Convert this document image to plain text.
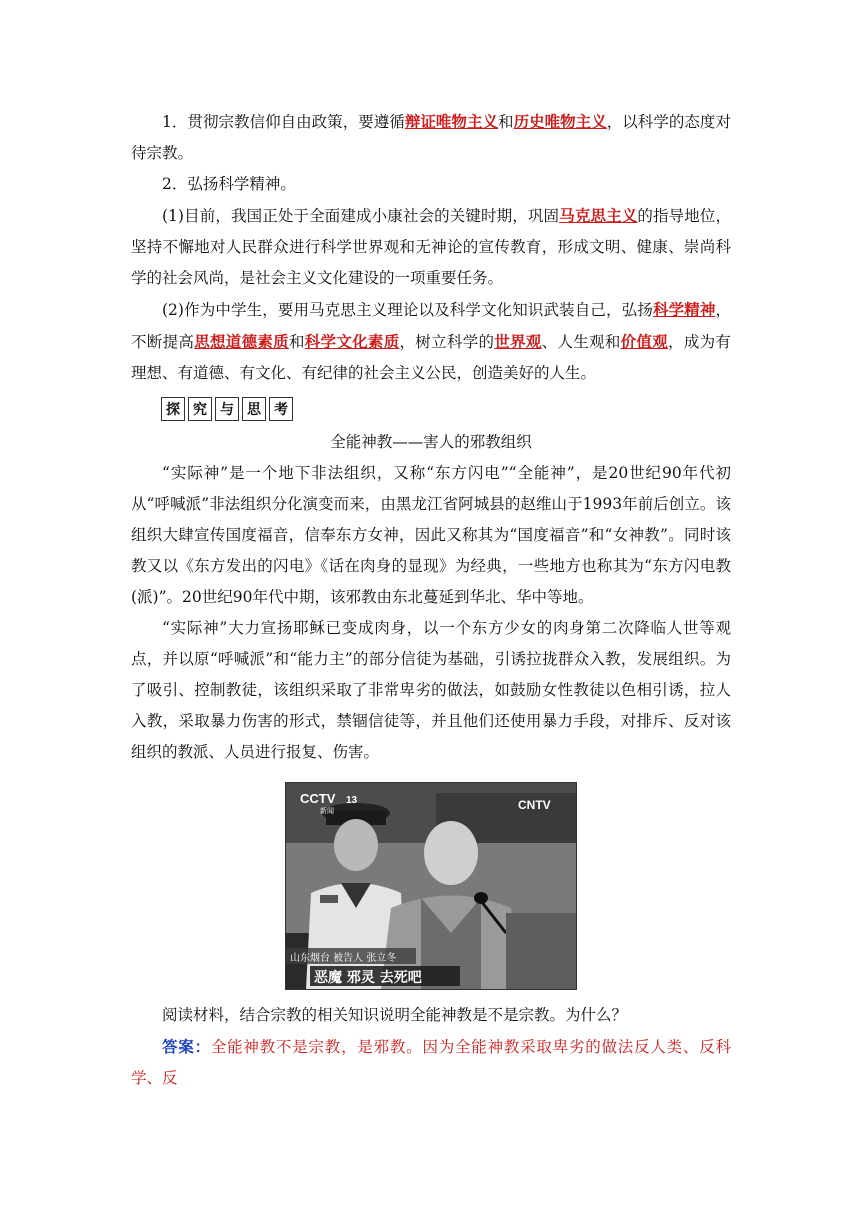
1．贯彻宗教信仰自由政策，要遵循辩证唯物主义和历史唯物主义，以科学的态度对待宗教。

2．弘扬科学精神。

(1)目前，我国正处于全面建成小康社会的关键时期，巩固马克思主义的指导地位，坚持不懈地对人民群众进行科学世界观和无神论的宣传教育，形成文明、健康、崇尚科学的社会风尚，是社会主义文化建设的一项重要任务。

(2)作为中学生，要用马克思主义理论以及科学文化知识武装自己，弘扬科学精神，不断提高思想道德素质和科学文化素质，树立科学的世界观、人生观和价值观，成为有理想、有道德、有文化、有纪律的社会主义公民，创造美好的人生。

探 究 与 思 考

全能神教——害人的邪教组织

“实际神”是一个地下非法组织，又称“东方闪电”“全能神”，是20世纪90年代初从“呼喊派”非法组织分化演变而来，由黑龙江省阿城县的赵维山于1993年前后创立。该组织大肆宣传国度福音，信奉东方女神，因此又称其为“国度福音”和“女神教”。同时该教又以《东方发出的闪电》《话在肉身的显现》为经典，一些地方也称其为“东方闪电教(派)”。20世纪90年代中期，该邪教由东北蔓延到华北、华中等地。

“实际神”大力宣扬耶稣已变成肉身，以一个东方少女的肉身第二次降临人世等观点，并以原“呼喊派”和“能力主”的部分信徒为基础，引诱拉拢群众入教，发展组织。为了吸引、控制教徒，该组织采取了非常卑劣的做法，如鼓励女性教徒以色相引诱，拉人入教，采取暴力伤害的形式，禁锢信徒等，并且他们还使用暴力手段，对排斥、反对该组织的教派、人员进行报复、伤害。

CCTV 13
新闻	CNTV
山东烟台 被告人 张立冬
恶魔 邪灵 去死吧

阅读材料，结合宗教的相关知识说明全能神教是不是宗教。为什么？

答案：全能神教不是宗教，是邪教。因为全能神教采取卑劣的做法反人类、反科学、反
